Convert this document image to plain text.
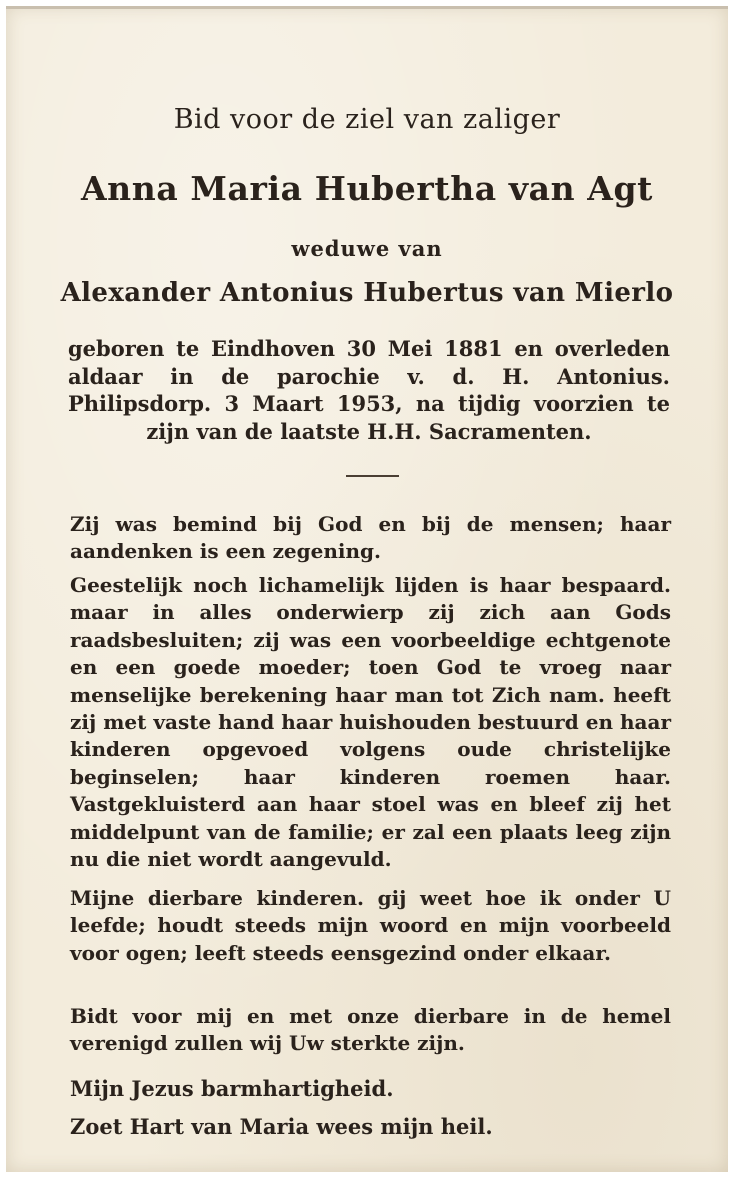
Bid voor de ziel van zaliger

Anna Maria Hubertha van Agt

weduwe van

Alexander Antonius Hubertus van Mierlo

geboren te Eindhoven 30 Mei 1881 en overleden aldaar in de parochie v. d. H. Antonius. Philipsdorp. 3 Maart 1953, na tijdig voorzien te zijn van de laatste H.H. Sacramenten.

Zij was bemind bij God en bij de mensen; haar aandenken is een zegening.

Geestelijk noch lichamelijk lijden is haar bespaard. maar in alles onderwierp zij zich aan Gods raadsbesluiten; zij was een voorbeeldige echtgenote en een goede moeder; toen God te vroeg naar menselijke berekening haar man tot Zich nam. heeft zij met vaste hand haar huishouden bestuurd en haar kinderen opgevoed volgens oude christelijke beginselen; haar kinderen roemen haar. Vastgekluisterd aan haar stoel was en bleef zij het middelpunt van de familie; er zal een plaats leeg zijn nu die niet wordt aangevuld.

Mijne dierbare kinderen. gij weet hoe ik onder U leefde; houdt steeds mijn woord en mijn voorbeeld voor ogen; leeft steeds eensgezind onder elkaar.

Bidt voor mij en met onze dierbare in de hemel verenigd zullen wij Uw sterkte zijn.

Mijn Jezus barmhartigheid.

Zoet Hart van Maria wees mijn heil.
